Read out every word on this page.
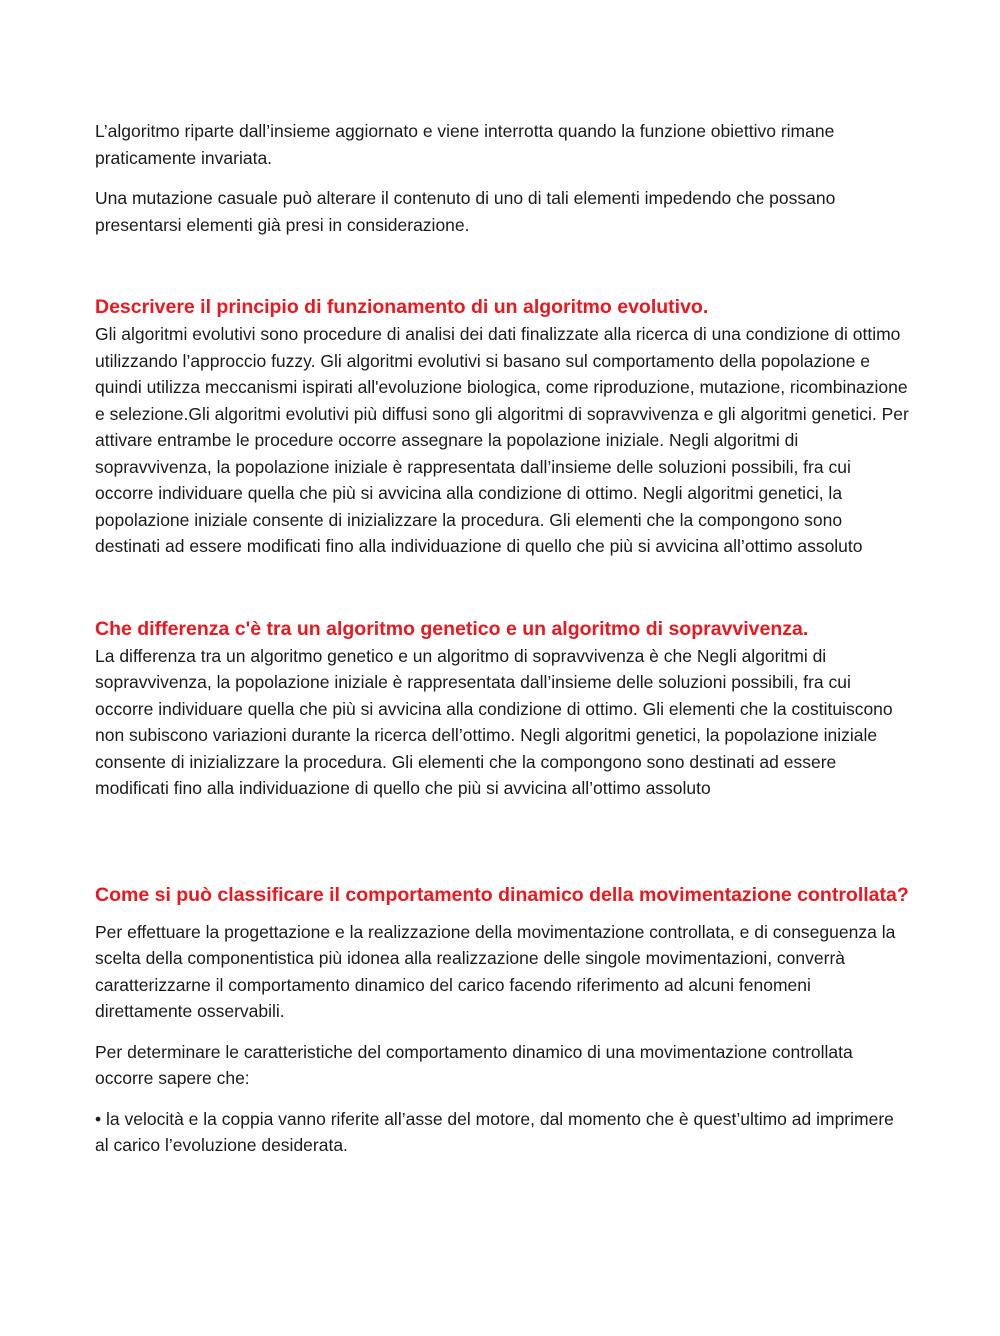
L’algoritmo riparte dall’insieme aggiornato e viene interrotta quando la funzione obiettivo rimane praticamente invariata.

Una mutazione casuale può alterare il contenuto di uno di tali elementi impedendo che possano presentarsi elementi già presi in considerazione.

Descrivere il principio di funzionamento di un algoritmo evolutivo.

Gli algoritmi evolutivi sono procedure di analisi dei dati finalizzate alla ricerca di una condizione di ottimo utilizzando l’approccio fuzzy. Gli algoritmi evolutivi si basano sul comportamento della popolazione e quindi utilizza meccanismi ispirati all'evoluzione biologica, come riproduzione, mutazione, ricombinazione e selezione.Gli algoritmi evolutivi più diffusi sono gli algoritmi di sopravvivenza e gli algoritmi genetici. Per attivare entrambe le procedure occorre assegnare la popolazione iniziale. Negli algoritmi di sopravvivenza, la popolazione iniziale è rappresentata dall’insieme delle soluzioni possibili, fra cui occorre individuare quella che più si avvicina alla condizione di ottimo. Negli algoritmi genetici, la popolazione iniziale consente di inizializzare la procedura. Gli elementi che la compongono sono destinati ad essere modificati fino alla individuazione di quello che più si avvicina all’ottimo assoluto

Che differenza c'è tra un algoritmo genetico e un algoritmo di sopravvivenza.

La differenza tra un algoritmo genetico e un algoritmo di sopravvivenza è che Negli algoritmi di sopravvivenza, la popolazione iniziale è rappresentata dall’insieme delle soluzioni possibili, fra cui occorre individuare quella che più si avvicina alla condizione di ottimo. Gli elementi che la costituiscono non subiscono variazioni durante la ricerca dell’ottimo. Negli algoritmi genetici, la popolazione iniziale consente di inizializzare la procedura. Gli elementi che la compongono sono destinati ad essere modificati fino alla individuazione di quello che più si avvicina all’ottimo assoluto

Come si può classificare il comportamento dinamico della movimentazione controllata?

Per effettuare la progettazione e la realizzazione della movimentazione controllata, e di conseguenza la scelta della componentistica più idonea alla realizzazione delle singole movimentazioni, converrà caratterizzarne il comportamento dinamico del carico facendo riferimento ad alcuni fenomeni direttamente osservabili.

Per determinare le caratteristiche del comportamento dinamico di una movimentazione controllata occorre sapere che:

• la velocità e la coppia vanno riferite all’asse del motore, dal momento che è quest’ultimo ad imprimere al carico l’evoluzione desiderata.
